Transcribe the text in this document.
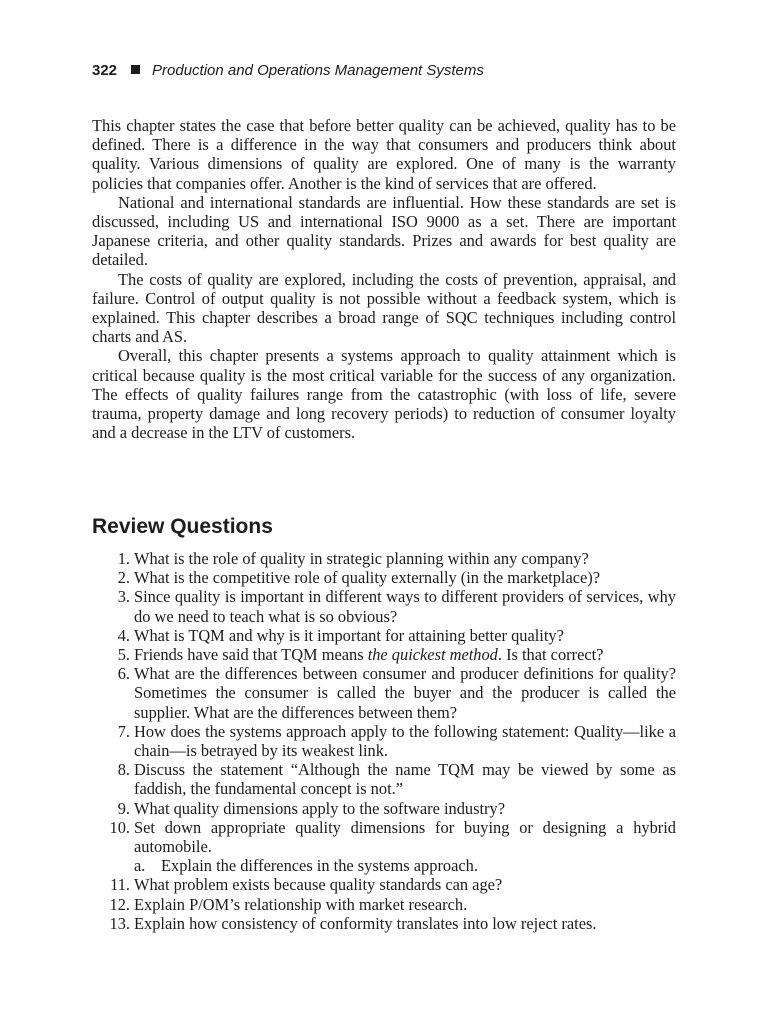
322 Production and Operations Management Systems

This chapter states the case that before better quality can be achieved, quality has to be defined. There is a difference in the way that consumers and producers think about quality. Various dimensions of quality are explored. One of many is the warranty policies that companies offer. Another is the kind of services that are offered.

National and international standards are influential. How these standards are set is discussed, including US and international ISO 9000 as a set. There are important Japanese criteria, and other quality standards. Prizes and awards for best quality are detailed.

The costs of quality are explored, including the costs of prevention, appraisal, and failure. Control of output quality is not possible without a feedback system, which is explained. This chapter describes a broad range of SQC techniques including control charts and AS.

Overall, this chapter presents a systems approach to quality attainment which is critical because quality is the most critical variable for the success of any organization. The effects of quality failures range from the catastrophic (with loss of life, severe trauma, property damage and long recovery periods) to reduction of consumer loyalty and a decrease in the LTV of customers.

Review Questions
1. What is the role of quality in strategic planning within any company?
2. What is the competitive role of quality externally (in the marketplace)?
3. Since quality is important in different ways to different providers of services, why do we need to teach what is so obvious?
4. What is TQM and why is it important for attaining better quality?
5. Friends have said that TQM means the quickest method. Is that correct?
6. What are the differences between consumer and producer definitions for quality? Sometimes the consumer is called the buyer and the producer is called the supplier. What are the differences between them?
7. How does the systems approach apply to the following statement: Quality—like a chain—is betrayed by its weakest link.
8. Discuss the statement “Although the name TQM may be viewed by some as faddish, the fundamental concept is not.”
9. What quality dimensions apply to the software industry?
10. Set down appropriate quality dimensions for buying or designing a hybrid automobile.
a. Explain the differences in the systems approach.
11. What problem exists because quality standards can age?
12. Explain P/OM’s relationship with market research.
13. Explain how consistency of conformity translates into low reject rates.
